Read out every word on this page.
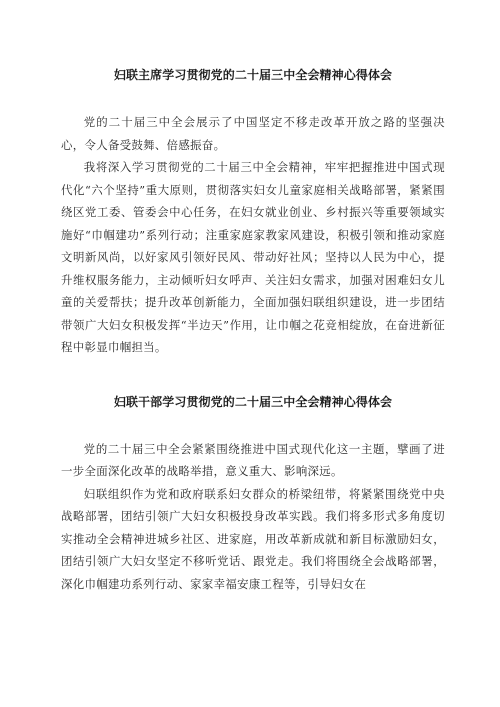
妇联主席学习贯彻党的二十届三中全会精神心得体会

党的二十届三中全会展示了中国坚定不移走改革开放之路的坚强决心，令人备受鼓舞、倍感振奋。

我将深入学习贯彻党的二十届三中全会精神，牢牢把握推进中国式现代化“六个坚持”重大原则，贯彻落实妇女儿童家庭相关战略部署，紧紧围绕区党工委、管委会中心任务，在妇女就业创业、乡村振兴等重要领域实施好“巾帼建功”系列行动；注重家庭家教家风建设，积极引领和推动家庭文明新风尚，以好家风引领好民风、带动好社风；坚持以人民为中心，提升维权服务能力，主动倾听妇女呼声、关注妇女需求，加强对困难妇女儿童的关爱帮扶；提升改革创新能力，全面加强妇联组织建设，进一步团结带领广大妇女积极发挥“半边天”作用，让巾帼之花竞相绽放，在奋进新征程中彰显巾帼担当。

妇联干部学习贯彻党的二十届三中全会精神心得体会

党的二十届三中全会紧紧围绕推进中国式现代化这一主题，擘画了进一步全面深化改革的战略举措，意义重大、影响深远。

妇联组织作为党和政府联系妇女群众的桥梁纽带，将紧紧围绕党中央战略部署，团结引领广大妇女积极投身改革实践。我们将多形式多角度切实推动全会精神进城乡社区、进家庭，用改革新成就和新目标激励妇女，团结引领广大妇女坚定不移听党话、跟党走。我们将围绕全会战略部署，深化巾帼建功系列行动、家家幸福安康工程等，引导妇女在
